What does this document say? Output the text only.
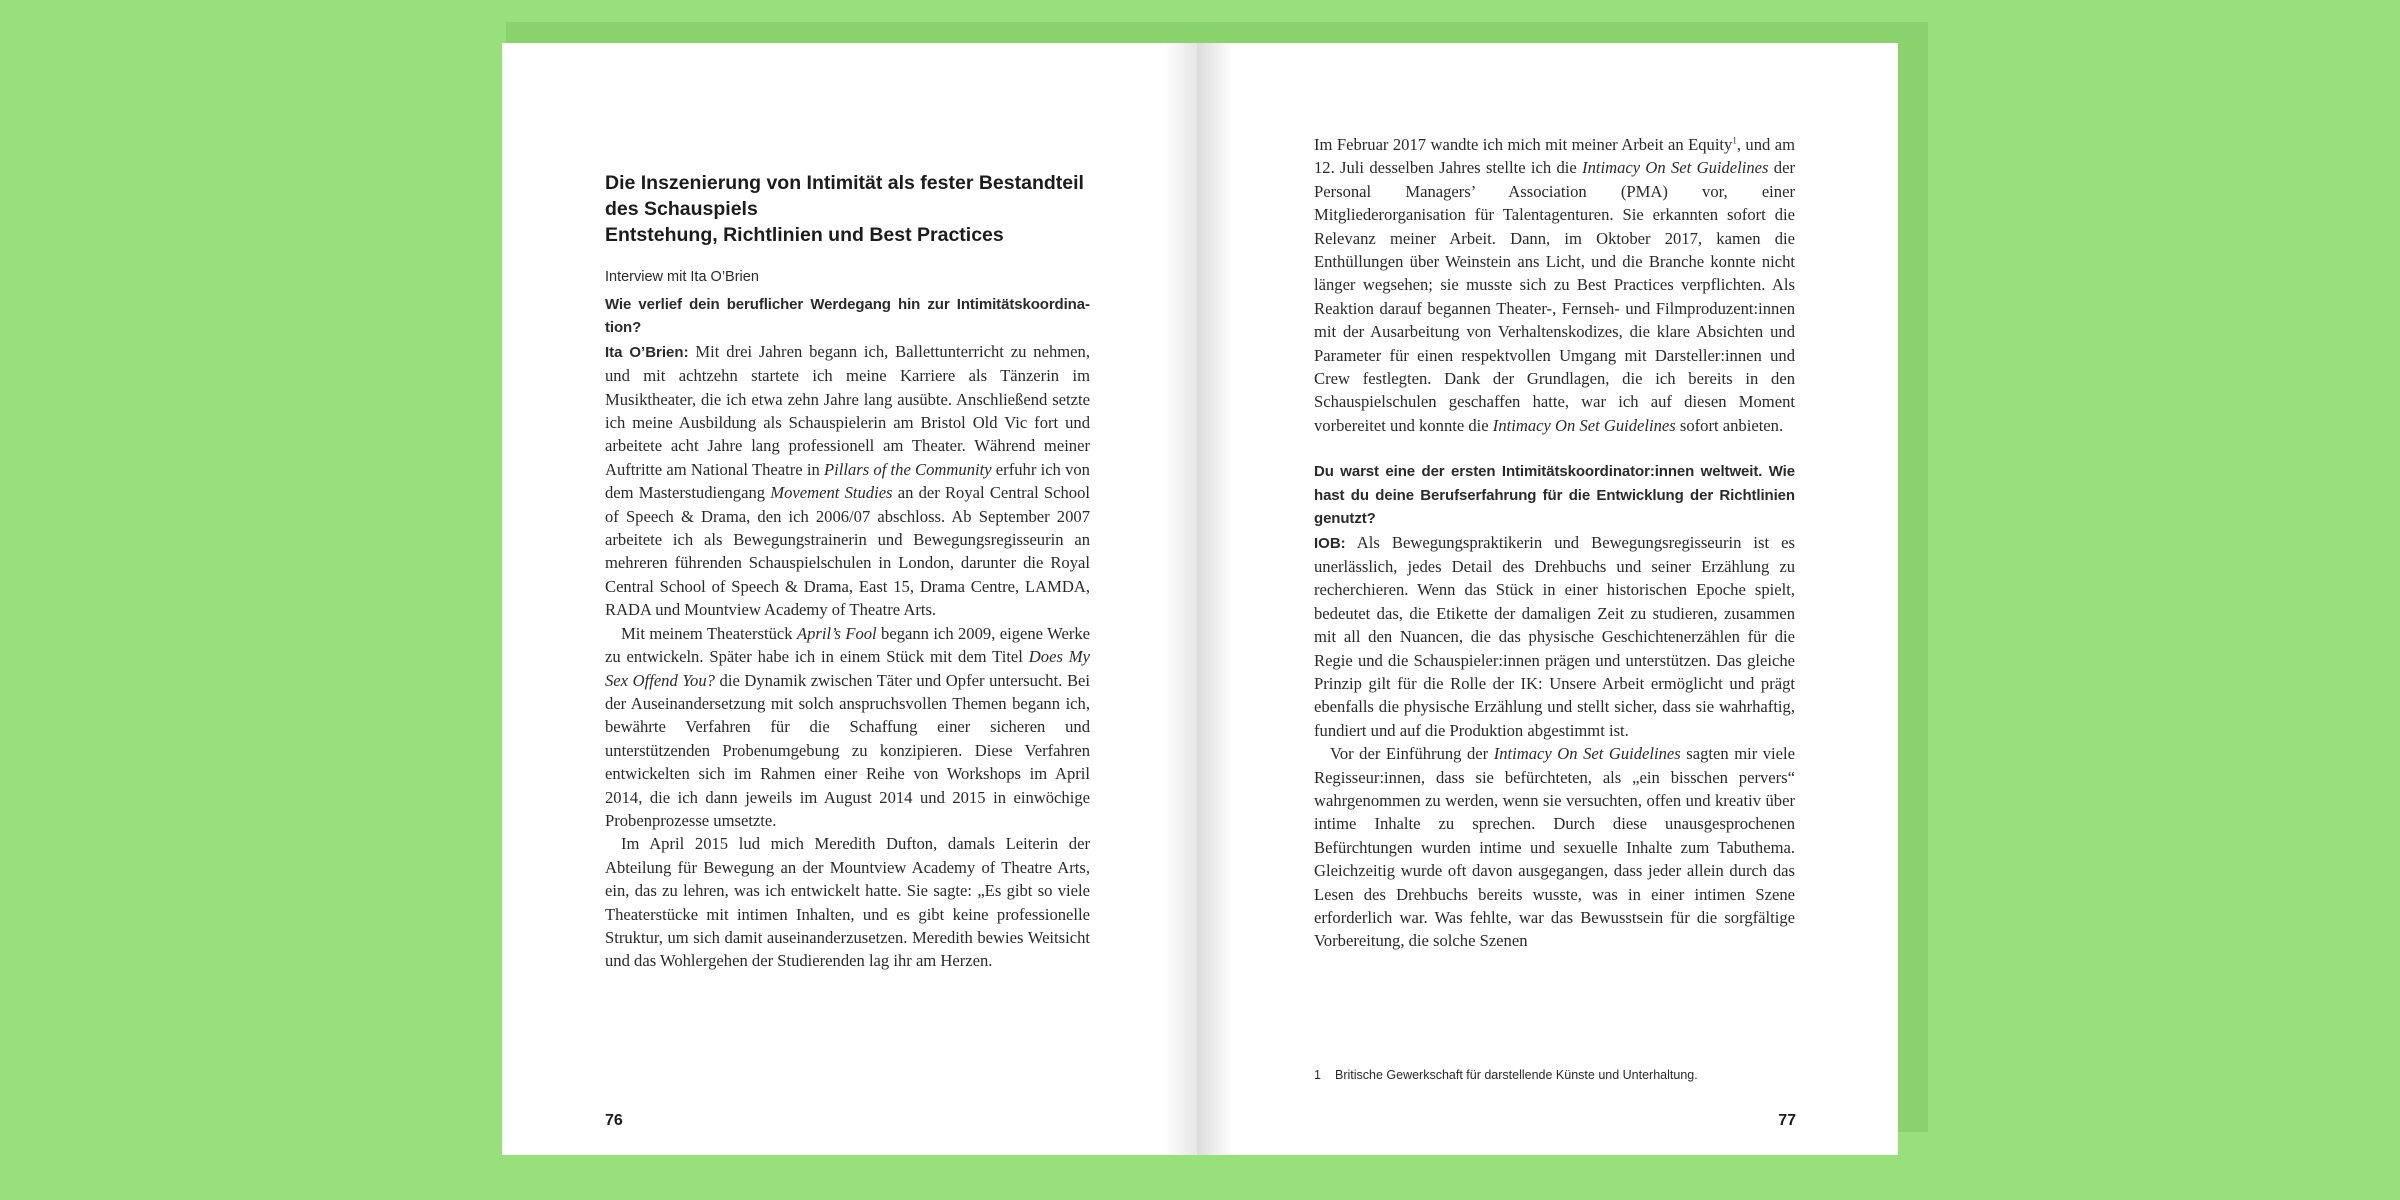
Die Inszenierung von Intimität als fester Bestandteil des Schauspiels
Entstehung, Richtlinien und Best Practices
Interview mit Ita O’Brien

Wie verlief dein beruflicher Werdegang hin zur Intimitätskoordination?

Ita O’Brien: Mit drei Jahren begann ich, Ballettunterricht zu nehmen, und mit achtzehn startete ich meine Karriere als Tänzerin im Musiktheater, die ich etwa zehn Jahre lang ausübte. Anschließend setzte ich meine Ausbildung als Schauspielerin am Bristol Old Vic fort und arbeitete acht Jahre lang professionell am Theater. Während meiner Auftritte am National Theatre in Pillars of the Community erfuhr ich von dem Masterstudiengang Movement Studies an der Royal Central School of Speech & Drama, den ich 2006/07 abschloss. Ab September 2007 arbeitete ich als Bewegungstrainerin und Bewegungsregisseurin an mehreren führenden Schauspielschulen in London, darunter die Royal Central School of Speech & Drama, East 15, Drama Centre, LAMDA, RADA und Mountview Academy of Theatre Arts.

Mit meinem Theaterstück April’s Fool begann ich 2009, eigene Werke zu entwickeln. Später habe ich in einem Stück mit dem Titel Does My Sex Offend You? die Dynamik zwischen Täter und Opfer untersucht. Bei der Auseinandersetzung mit solch anspruchsvollen Themen begann ich, bewährte Verfahren für die Schaffung einer sicheren und unterstützenden Probenumgebung zu konzipieren. Diese Verfahren entwickelten sich im Rahmen einer Reihe von Workshops im April 2014, die ich dann jeweils im August 2014 und 2015 in einwöchige Probenprozesse umsetzte.

Im April 2015 lud mich Meredith Dufton, damals Leiterin der Abteilung für Bewegung an der Mountview Academy of Theatre Arts, ein, das zu lehren, was ich entwickelt hatte. Sie sagte: „Es gibt so viele Theaterstücke mit intimen Inhalten, und es gibt keine professionelle Struktur, um sich damit auseinanderzusetzen. Meredith bewies Weitsicht und das Wohlergehen der Studierenden lag ihr am Herzen.

76

Im Februar 2017 wandte ich mich mit meiner Arbeit an Equity$^1$, und am 12. Juli desselben Jahres stellte ich die Intimacy On Set Guidelines der Personal Managers’ Association (PMA) vor, einer Mitgliederorganisation für Talentagenturen. Sie erkannten sofort die Relevanz meiner Arbeit. Dann, im Oktober 2017, kamen die Enthüllungen über Weinstein ans Licht, und die Branche konnte nicht länger wegsehen; sie musste sich zu Best Practices verpflichten. Als Reaktion darauf begannen Theater-, Fernseh- und Filmproduzent:innen mit der Ausarbeitung von Verhaltenskodizes, die klare Absichten und Parameter für einen respektvollen Umgang mit Darsteller:innen und Crew festlegten. Dank der Grundlagen, die ich bereits in den Schauspielschulen geschaffen hatte, war ich auf diesen Moment vorbereitet und konnte die Intimacy On Set Guidelines sofort anbieten.

Du warst eine der ersten Intimitätskoordinator:innen weltweit. Wie hast du deine Berufserfahrung für die Entwicklung der Richtlinien genutzt?

IOB: Als Bewegungspraktikerin und Bewegungsregisseurin ist es unerlässlich, jedes Detail des Drehbuchs und seiner Erzählung zu recherchieren. Wenn das Stück in einer historischen Epoche spielt, bedeutet das, die Etikette der damaligen Zeit zu studieren, zusammen mit all den Nuancen, die das physische Geschichtenerzählen für die Regie und die Schauspieler:innen prägen und unterstützen. Das gleiche Prinzip gilt für die Rolle der IK: Unsere Arbeit ermöglicht und prägt ebenfalls die physische Erzählung und stellt sicher, dass sie wahrhaftig, fundiert und auf die Produktion abgestimmt ist.

Vor der Einführung der Intimacy On Set Guidelines sagten mir viele Regisseur:innen, dass sie befürchteten, als „ein bisschen pervers“ wahrgenommen zu werden, wenn sie versuchten, offen und kreativ über intime Inhalte zu sprechen. Durch diese unausgesprochenen Befürchtungen wurden intime und sexuelle Inhalte zum Tabuthema. Gleichzeitig wurde oft davon ausgegangen, dass jeder allein durch das Lesen des Drehbuchs bereits wusste, was in einer intimen Szene erforderlich war. Was fehlte, war das Bewusstsein für die sorgfältige Vorbereitung, die solche Szenen

1 Britische Gewerkschaft für darstellende Künste und Unterhaltung.
77
